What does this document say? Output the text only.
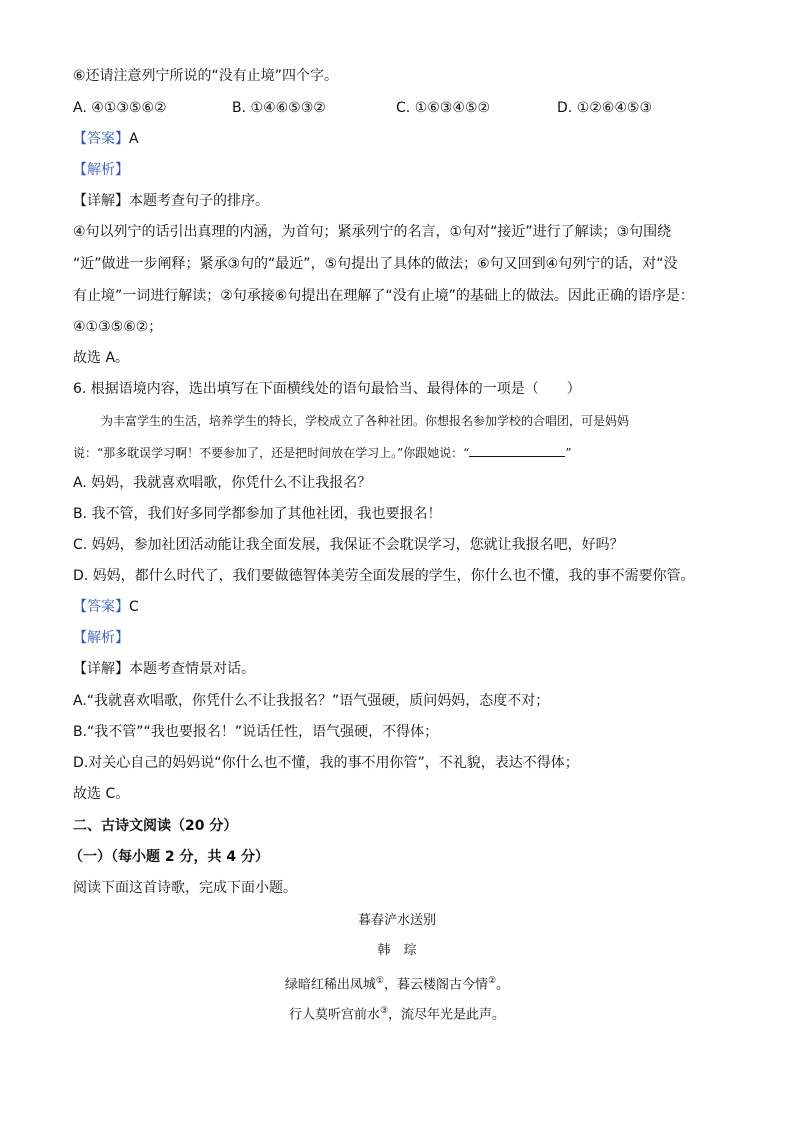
⑥还请注意列宁所说的“没有止境”四个字。
A. ④①③⑤⑥②	B. ①④⑥⑤③②	C. ①⑥③④⑤②	D. ①②⑥④⑤③
【答案】A
【解析】
【详解】本题考查句子的排序。
④句以列宁的话引出真理的内涵，为首句；紧承列宁的名言，①句对“接近”进行了解读；③句围绕
“近”做进一步阐释；紧承③句的“最近”，⑤句提出了具体的做法；⑥句又回到④句列宁的话，对“没
有止境”一词进行解读；②句承接⑥句提出在理解了“没有止境”的基础上的做法。因此正确的语序是：
④①③⑤⑥②；
故选 A。
6. 根据语境内容，选出填写在下面横线处的语句最恰当、最得体的一项是（　　）
为丰富学生的生活，培养学生的特长，学校成立了各种社团。你想报名参加学校的合唱团，可是妈妈
说：“那多耽误学习啊！不要参加了，还是把时间放在学习上。”你跟她说：“	”
A. 妈妈，我就喜欢唱歌，你凭什么不让我报名？
B. 我不管，我们好多同学都参加了其他社团，我也要报名！
C. 妈妈，参加社团活动能让我全面发展，我保证不会耽误学习，您就让我报名吧，好吗？
D. 妈妈，都什么时代了，我们要做德智体美劳全面发展的学生，你什么也不懂，我的事不需要你管。
【答案】C
【解析】
【详解】本题考查情景对话。
A.“我就喜欢唱歌，你凭什么不让我报名？”语气强硬，质问妈妈，态度不对；
B.“我不管”“我也要报名！”说话任性，语气强硬，不得体；
D.对关心自己的妈妈说“你什么也不懂，我的事不用你管”，不礼貌，表达不得体；
故选 C。
二、古诗文阅读（20 分）
（一）（每小题 2 分，共 4 分）
阅读下面这首诗歌，完成下面小题。
暮春浐水送别
韩　琮
绿暗红稀出凤城①，暮云楼阁古今情②。
行人莫听宫前水③，流尽年光是此声。
